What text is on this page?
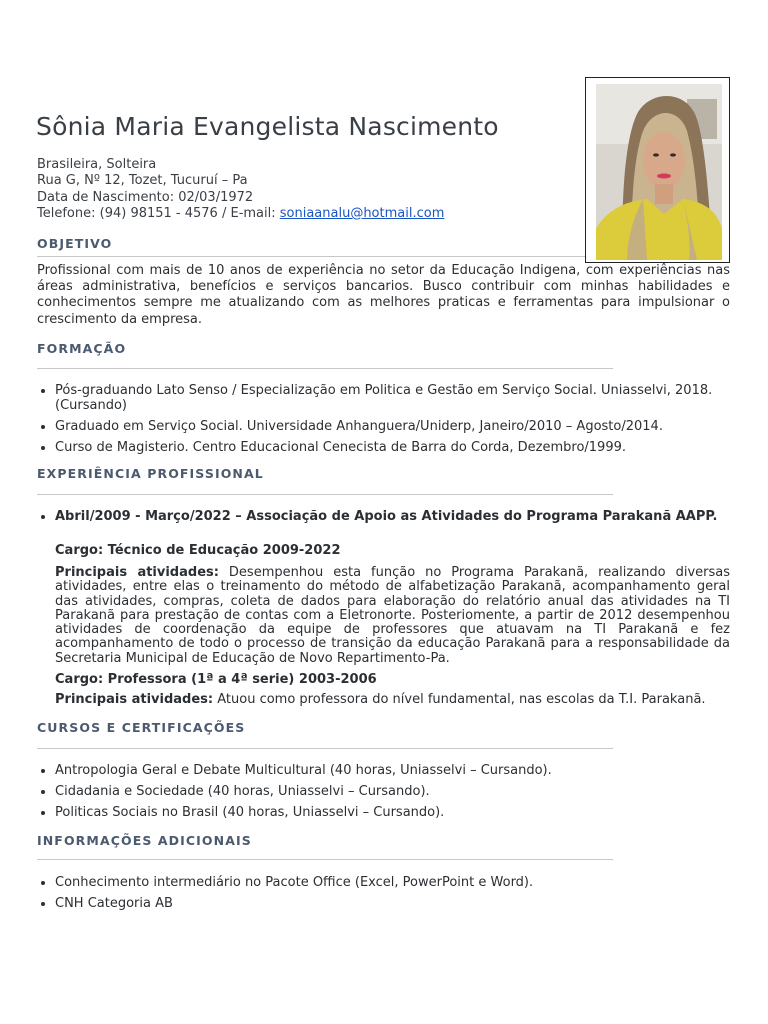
Sônia Maria Evangelista Nascimento
Brasileira, Solteira
Rua G, Nº 12, Tozet, Tucuruí – Pa
Data de Nascimento: 02/03/1972
Telefone: (94) 98151 - 4576 / E-mail: soniaanalu@hotmail.com
OBJETIVO
Profissional com mais de 10 anos de experiência no setor da Educação Indigena, com experiências nas áreas administrativa, benefícios e serviços bancarios. Busco contribuir com minhas habilidades e conhecimentos sempre me atualizando com as melhores praticas e ferramentas para impulsionar o crescimento da empresa.
FORMAÇÃO
• Pós-graduando Lato Senso / Especialização em Politica e Gestão em Serviço Social. Uniasselvi, 2018. (Cursando)
• Graduado em Serviço Social. Universidade Anhanguera/Uniderp, Janeiro/2010 – Agosto/2014.
• Curso de Magisterio. Centro Educacional Cenecista de Barra do Corda, Dezembro/1999.
EXPERIÊNCIA PROFISSIONAL
• Abril/2009 - Março/2022 – Associação de Apoio as Atividades do Programa Parakanã AAPP.
Cargo: Técnico de Educação 2009-2022
Principais atividades: Desempenhou esta função no Programa Parakanã, realizando diversas atividades, entre elas o treinamento do método de alfabetização Parakanã, acompanhamento geral das atividades, compras, coleta de dados para elaboração do relatório anual das atividades na TI Parakanã para prestação de contas com a Eletronorte. Posteriomente, a partir de 2012 desempenhou atividades de coordenação da equipe de professores que atuavam na TI Parakanã e fez acompanhamento de todo o processo de transição da educação Parakanã para a responsabilidade da Secretaria Municipal de Educação de Novo Repartimento-Pa.
Cargo: Professora (1ª a 4ª serie) 2003-2006
Principais atividades: Atuou como professora do nível fundamental, nas escolas da T.I. Parakanã.
CURSOS E CERTIFICAÇÕES
• Antropologia Geral e Debate Multicultural (40 horas, Uniasselvi – Cursando).
• Cidadania e Sociedade (40 horas, Uniasselvi – Cursando).
• Politicas Sociais no Brasil (40 horas, Uniasselvi – Cursando).
INFORMAÇÕES ADICIONAIS
• Conhecimento intermediário no Pacote Office (Excel, PowerPoint e Word).
• CNH Categoria AB
